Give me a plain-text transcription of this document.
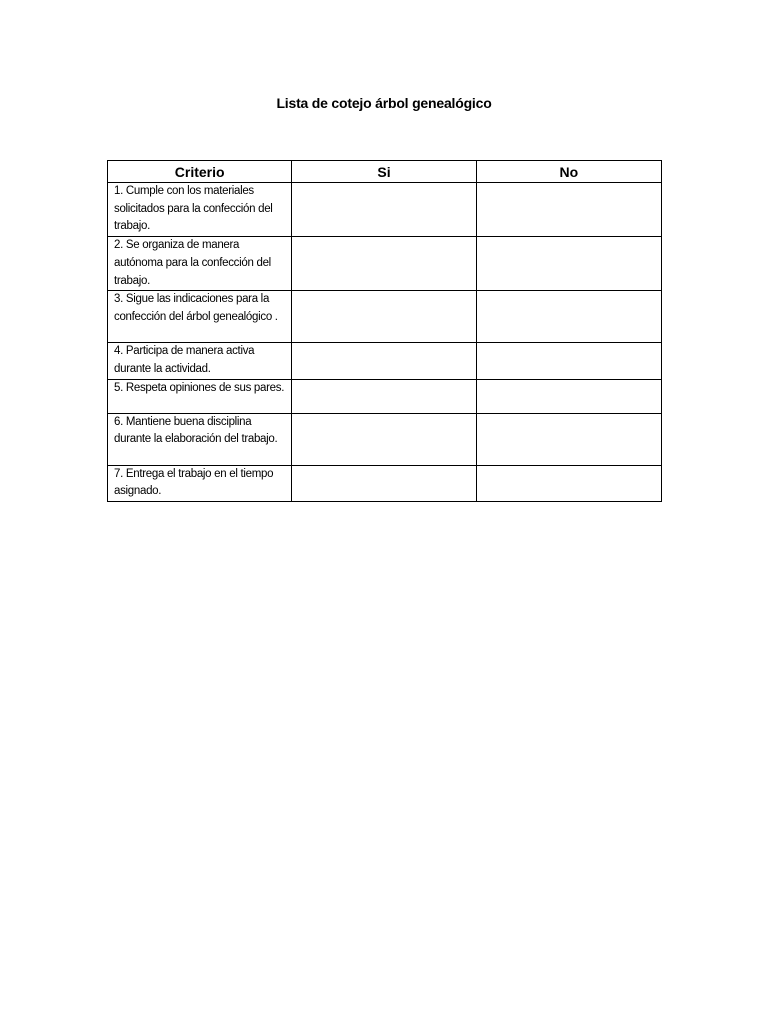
Lista de cotejo árbol genealógico
Criterio	Si	No
1. Cumple con los materiales solicitados para la confección del trabajo.		
2. Se organiza de manera autónoma para la confección del trabajo.		
3. Sigue las indicaciones para la confección del árbol genealógico .		
4. Participa de manera activa durante la actividad.		
5. Respeta opiniones de sus pares.		
6. Mantiene buena disciplina durante la elaboración del trabajo.		
7. Entrega el trabajo en el tiempo asignado.		
